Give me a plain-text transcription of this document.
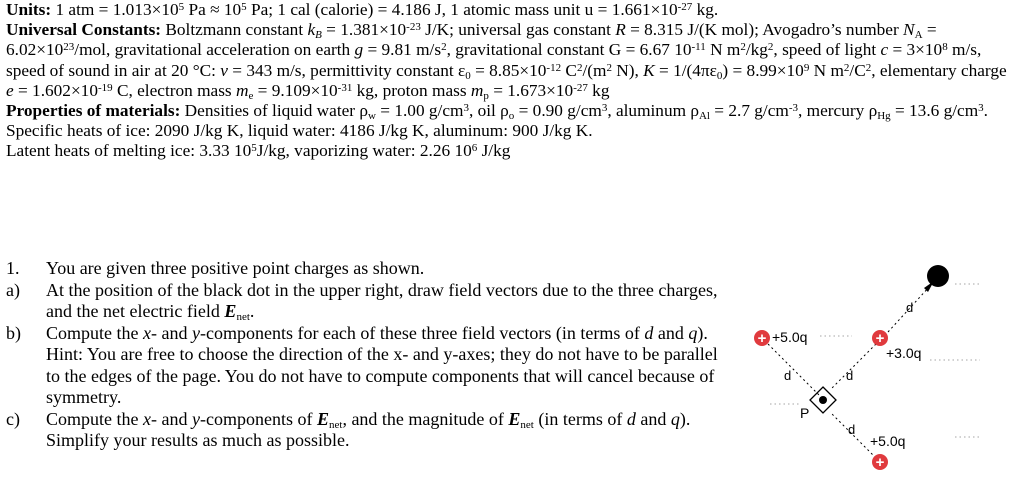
Units: 1 atm = $1.013\times 10^5$ $Pa \approx 10^5$ Pa; 1 cal (calorie) = 4.186 J, 1 atomic mass unit $u = 1.661\times 10^{-27}$ kg.

Universal Constants: Boltzmann constant $k_B = 1.381\times 10^{-23}$ J/K; universal gas constant R = 8.315 J/(K mol); Avogadro’s number $N_A = 6.02\times 10^{23}/mol$, gravitational acceleration on earth g = 9.81 $m/s^2$, gravitational constant G = 6.67 $10^{-11}$ N $m^2/kg^2$, speed of light $c = 3\times 10^8$ m/s, speed of sound in air at 20 °C: v = 343 m/s, permittivity constant $\varepsilon_0 = 8.85\times 10^{-12}$ $C^2/(m^2$ N), $K = 1/(4\pi\varepsilon_0) = 8.99\times 10^9$ N $m^2/C^2$, elementary charge $e = 1.602\times 10^{-19}$ C, electron mass $m_e = 9.109\times 10^{-31}$ kg, proton mass $m_p = 1.673\times 10^{-27}$ kg

Properties of materials: Densities of liquid water $\rho_w = 1.00$ $g/cm^3$, oil $\rho_o = 0.90$ $g/cm^3$, aluminum $\rho_{Al} = 2.7$ $g/cm^{-3}$, mercury $\rho_{Hg} = 13.6$ $g/cm^3$. Specific heats of ice: 2090 J/kg K, liquid water: 4186 J/kg K, aluminum: 900 J/kg K.

Latent heats of melting ice: 3.33 $10^5J/kg$, vaporizing water: 2.26 $10^6$ J/kg

1.	You are given three positive point charges as shown.
a)	At the position of the black dot in the upper right, draw field vectors due to the three charges, and the net electric field $E_{net}$.
b)	Compute the x- and y-components for each of these three field vectors (in terms of d and q). Hint: You are free to choose the direction of the x- and y-axes; they do not have to be parallel to the edges of the page. You do not have to compute components that will cancel because of symmetry.
c)	Compute the x- and y-components of $E_{net}$, and the magnitude of $E_{net}$ (in terms of d and q). Simplify your results as much as possible.
+ +5.0q	+
+3.0q
+
+5.0q
P
d	d
d
d
